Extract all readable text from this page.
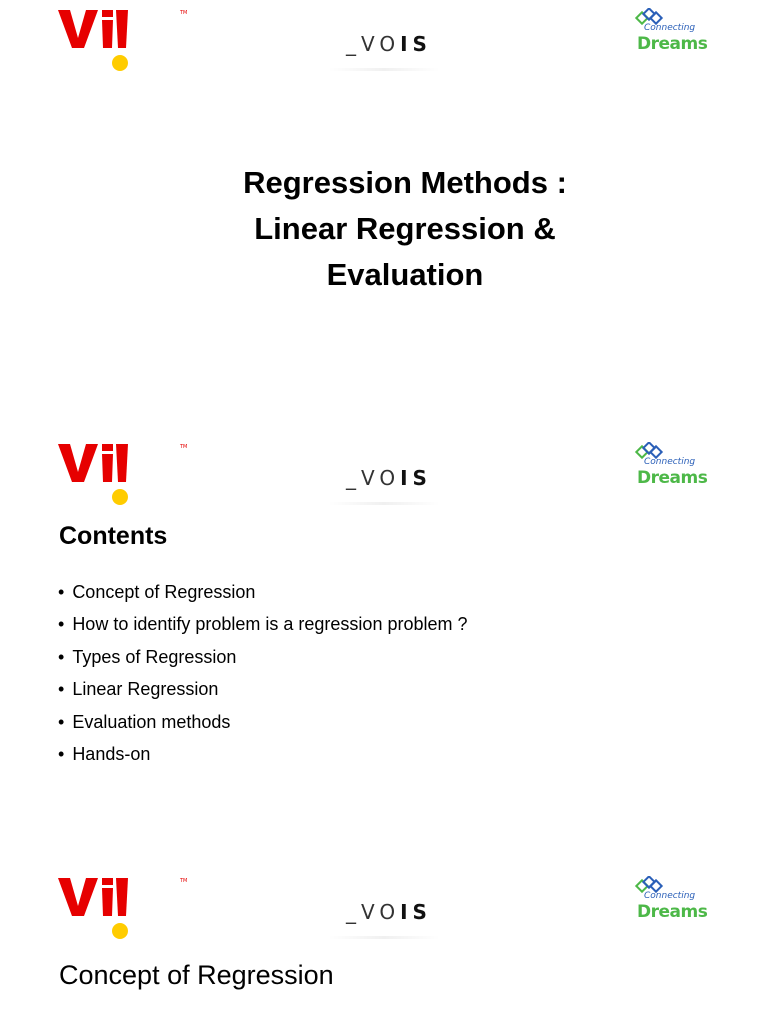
TM
_VOIS
Connecting
Dreams
Regression Methods :
Linear Regression &
Evaluation
TM
_VOIS
Connecting
Dreams
Contents
• Concept of Regression
• How to identify problem is a regression problem ?
• Types of Regression
• Linear Regression
• Evaluation methods
• Hands-on
TM
_VOIS
Connecting
Dreams
Concept of Regression
